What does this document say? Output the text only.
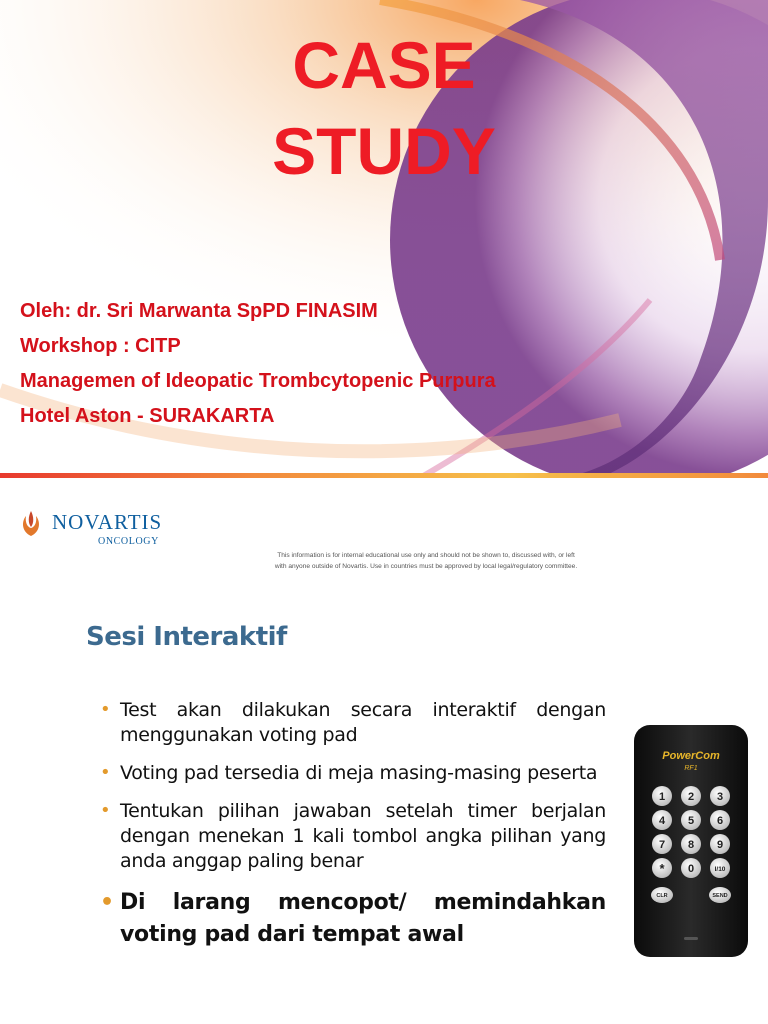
CASE
STUDY
Oleh: dr. Sri Marwanta SpPD FINASIM
Workshop : CITP
Managemen of Ideopatic Trombcytopenic Purpura
Hotel Aston - SURAKARTA
NOVARTIS
ONCOLOGY
This information is for internal educational use only and should not be shown to, discussed with, or left
with anyone outside of Novartis. Use in countries must be approved by local legal/regulatory committee.
Sesi Interaktif
• Test akan dilakukan secara interaktif dengan menggunakan voting pad
• Voting pad tersedia di meja masing-masing peserta
• Tentukan pilihan jawaban setelah timer berjalan dengan menekan 1 kali tombol angka pilihan yang anda anggap paling benar
• Di larang mencopot/ memindahkan voting pad dari tempat awal
PowerCom
RF1
1 2 3
4 5 6
7 8 9
* 0	I/10
CLR	SEND
